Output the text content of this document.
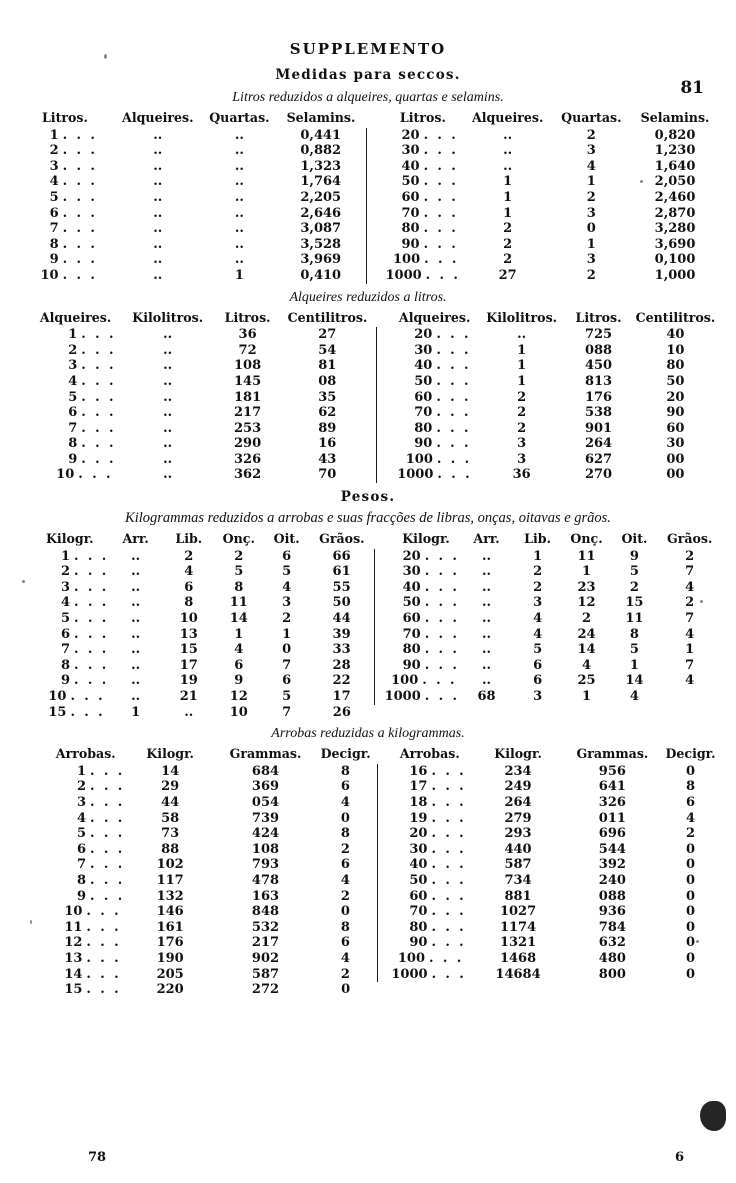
81
SUPPLEMENTO
Medidas para seccos.
Litros reduzidos a alqueires, quartas e selamins.
Litros.	Alqueires.	Quartas.	Selamins.		Litros.	Alqueires.	Quartas.	Selamins.
1 . . .	..	..	0,441		20 . . .	..	2	0,820
2 . . .	..	..	0,882		30 . . .	..	3	1,230
3 . . .	..	..	1,323		40 . . .	..	4	1,640
4 . . .	..	..	1,764		50 . . .	1	1	2,050
5 . . .	..	..	2,205		60 . . .	1	2	2,460
6 . . .	..	..	2,646		70 . . .	1	3	2,870
7 . . .	..	..	3,087		80 . . .	2	0	3,280
8 . . .	..	..	3,528		90 . . .	2	1	3,690
9 . . .	..	..	3,969		100 . . .	2	3	0,100
10 . . .	..	1	0,410		1000 . . .	27	2	1,000
Alqueires reduzidos a litros.
Alqueires.	Kilolitros.	Litros.	Centilitros.		Alqueires.	Kilolitros.	Litros.	Centilitros.
1 . . .	..	36	27		20 . . .	..	725	40
2 . . .	..	72	54		30 . . .	1	088	10
3 . . .	..	108	81		40 . . .	1	450	80
4 . . .	..	145	08		50 . . .	1	813	50
5 . . .	..	181	35		60 . . .	2	176	20
6 . . .	..	217	62		70 . . .	2	538	90
7 . . .	..	253	89		80 . . .	2	901	60
8 . . .	..	290	16		90 . . .	3	264	30
9 . . .	..	326	43		100 . . .	3	627	00
10 . . .	..	362	70		1000 . . .	36	270	00
Pesos.
Kilogrammas reduzidos a arrobas e suas fracções de libras, onças, oitavas e grãos.
Kilogr.	Arr.	Lib.	Onç.	Oit.	Grãos.		Kilogr.	Arr.	Lib.	Onç.	Oit.	Grãos.
1 . . .	..	2	2	6	66		20 . . .	..	1	11	9	2
2 . . .	..	4	5	5	61		30 . . .	..	2	1	5	7
3 . . .	..	6	8	4	55		40 . . .	..	2	23	2	4
4 . . .	..	8	11	3	50		50 . . .	..	3	12	15	2
5 . . .	..	10	14	2	44		60 . . .	..	4	2	11	7
6 . . .	..	13	1	1	39		70 . . .	..	4	24	8	4
7 . . .	..	15	4	0	33		80 . . .	..	5	14	5	1
8 . . .	..	17	6	7	28		90 . . .	..	6	4	1	7
9 . . .	..	19	9	6	22		100 . . .	..	6	25	14	4
10 . . .	..	21	12	5	17		1000 . . .	68	3	1	4	
15 . . .	1	..	10	7	26							
Arrobas reduzidas a kilogrammas.
Arrobas.	Kilogr.	Grammas.	Decigr.		Arrobas.	Kilogr.	Grammas.	Decigr.
1 . . .	14	684	8		16 . . .	234	956	0
2 . . .	29	369	6		17 . . .	249	641	8
3 . . .	44	054	4		18 . . .	264	326	6
4 . . .	58	739	0		19 . . .	279	011	4
5 . . .	73	424	8		20 . . .	293	696	2
6 . . .	88	108	2		30 . . .	440	544	0
7 . . .	102	793	6		40 . . .	587	392	0
8 . . .	117	478	4		50 . . .	734	240	0
9 . . .	132	163	2		60 . . .	881	088	0
10 . . .	146	848	0		70 . . .	1027	936	0
11 . . .	161	532	8		80 . . .	1174	784	0
12 . . .	176	217	6		90 . . .	1321	632	0
13 . . .	190	902	4		100 . . .	1468	480	0
14 . . .	205	587	2		1000 . . .	14684	800	0
15 . . .	220	272	0					
78	6
